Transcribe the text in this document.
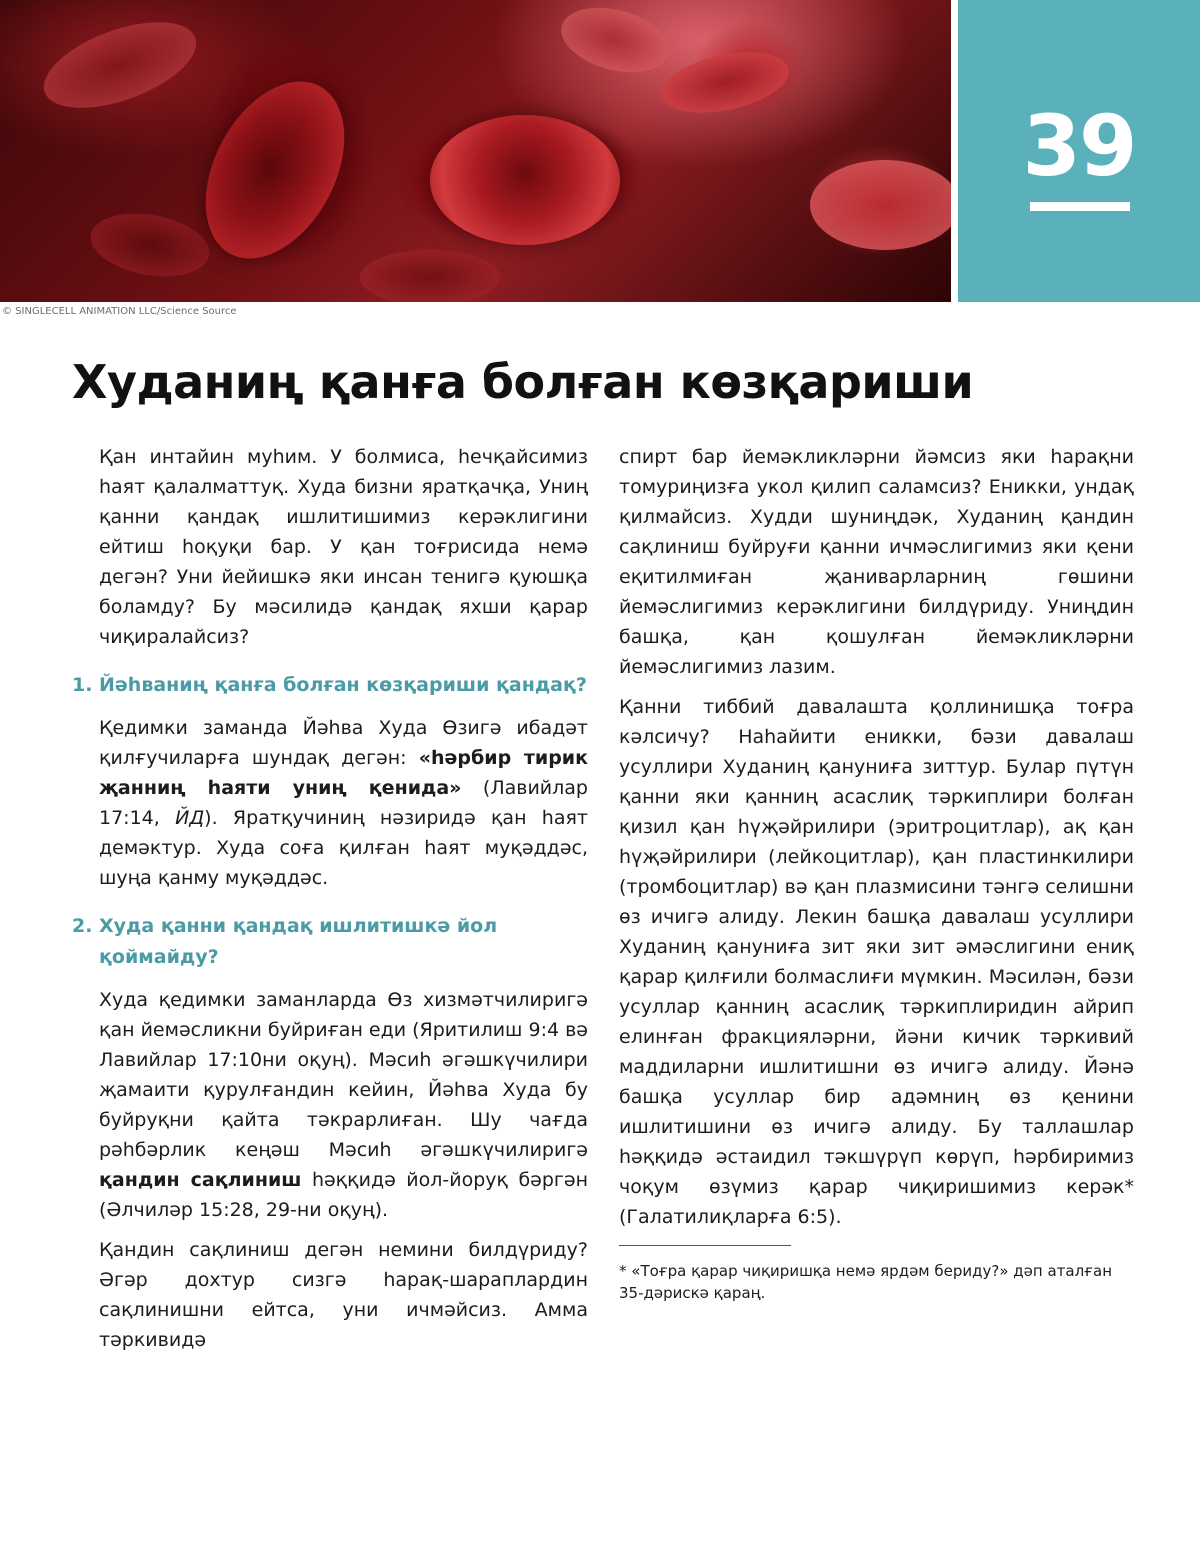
© SINGLECELL ANIMATION LLC/Science Source
39
Худаниң қанға болған көзқариши

Қан интайин муһим. У болмиса, һечқайсимиз һаят қалалматтуқ. Худа бизни яратқачқа, Униң қанни қандақ ишлитишимиз керәклигини ейтиш һоқуқи бар. У қан тоғрисида немә дегән? Уни йейишкә яки инсан тенигә қуюшқа боламду? Бу мәсилидә қандақ яхши қарар чиқиралайсиз?

1. Йәһваниң қанға болған көзқариши қандақ?

Қедимки заманда Йәһва Худа Өзигә ибадәт қилғучиларға шундақ дегән: «һәрбир тирик җанниң һаяти униң қенида» (Лавийлар 17:14, ЙД). Яратқучиниң нәзиридә қан һаят демәктур. Худа соға қилған һаят муқәддәс, шуңа қанму муқәддәс.

2. Худа қанни қандақ ишлитишкә йол қоймайду?

Худа қедимки заманларда Өз хизмәтчилиригә қан йемәсликни буйриған еди (Яритилиш 9:4 вә Лавийлар 17:10ни оқуң). Мәсиһ әгәшкүчилири җамаити қурулғандин кейин, Йәһва Худа бу буйруқни қайта тәкрарлиған. Шу чағда рәһбәрлик кеңәш Мәсиһ әгәшкүчилиригә қандин сақлиниш һәққидә йол-йоруқ бәргән (Әлчиләр 15:28, 29-ни оқуң).

Қандин сақлиниш дегән немини билдүриду? Әгәр дохтур сизгә һарақ-шараплардин сақлинишни ейтса, уни ичмәйсиз. Амма тәркивидә

спирт бар йемәкликләрни йәмсиз яки һарақни томуриңизға укол қилип саламсиз? Еникки, ундақ қилмайсиз. Худди шуниңдәк, Худаниң қандин сақлиниш буйруғи қанни ичмәслигимиз яки қени еқитилмиған җаниварларниң гөшини йемәслигимиз керәклигини билдүриду. Униңдин башқа, қан қошулған йемәкликләрни йемәслигимиз лазим.

Қанни тиббий давалашта қоллинишқа тоғра кәлсичу? Наһайити еникки, бәзи давалаш усуллири Худаниң қануниға зиттур. Булар пүтүн қанни яки қанниң асаслиқ тәркиплири болған қизил қан һүҗәйрилири (эритроцитлар), ақ қан һүҗәйрилири (лейкоцитлар), қан пластинкилири (тромбоцитлар) вә қан плазмисини тәнгә селишни өз ичигә алиду. Лекин башқа давалаш усуллири Худаниң қануниға зит яки зит әмәслигини ениқ қарар қилғили болмаслиғи мүмкин. Мәсилән, бәзи усуллар қанниң асаслиқ тәркиплиридин айрип елинған фракцияләрни, йәни кичик тәркивий маддиларни ишлитишни өз ичигә алиду. Йәнә башқа усуллар бир адәмниң өз қенини ишлитишини өз ичигә алиду. Бу таллашлар һәққидә әстаидил тәкшүрүп көрүп, һәрбиримиз чоқум өзүмиз қарар чиқиришимиз керәк* (Галатилиқларға 6:5).

* «Тоғра қарар чиқиришқа немә ярдәм бериду?» дәп аталған 35-дәрискә қараң.
